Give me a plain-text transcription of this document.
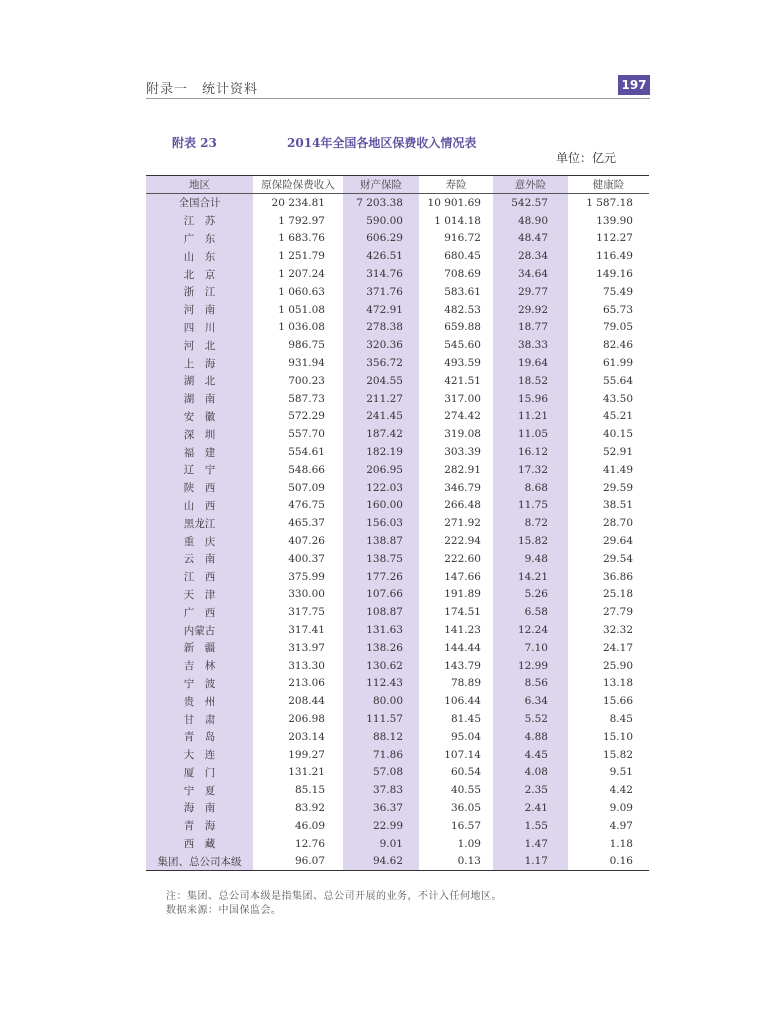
附录一　统计资料	197
附表 23	2014年全国各地区保费收入情况表
单位：亿元
地区	原保险保费收入	财产保险	寿险	意外险	健康险
全国合计	20 234.81	7 203.38	10 901.69	542.57	1 587.18
江　苏	1 792.97	590.00	1 014.18	48.90	139.90
广　东	1 683.76	606.29	916.72	48.47	112.27
山　东	1 251.79	426.51	680.45	28.34	116.49
北　京	1 207.24	314.76	708.69	34.64	149.16
浙　江	1 060.63	371.76	583.61	29.77	75.49
河　南	1 051.08	472.91	482.53	29.92	65.73
四　川	1 036.08	278.38	659.88	18.77	79.05
河　北	986.75	320.36	545.60	38.33	82.46
上　海	931.94	356.72	493.59	19.64	61.99
湖　北	700.23	204.55	421.51	18.52	55.64
湖　南	587.73	211.27	317.00	15.96	43.50
安　徽	572.29	241.45	274.42	11.21	45.21
深　圳	557.70	187.42	319.08	11.05	40.15
福　建	554.61	182.19	303.39	16.12	52.91
辽　宁	548.66	206.95	282.91	17.32	41.49
陕　西	507.09	122.03	346.79	8.68	29.59
山　西	476.75	160.00	266.48	11.75	38.51
黑龙江	465.37	156.03	271.92	8.72	28.70
重　庆	407.26	138.87	222.94	15.82	29.64
云　南	400.37	138.75	222.60	9.48	29.54
江　西	375.99	177.26	147.66	14.21	36.86
天　津	330.00	107.66	191.89	5.26	25.18
广　西	317.75	108.87	174.51	6.58	27.79
内蒙古	317.41	131.63	141.23	12.24	32.32
新　疆	313.97	138.26	144.44	7.10	24.17
吉　林	313.30	130.62	143.79	12.99	25.90
宁　波	213.06	112.43	78.89	8.56	13.18
贵　州	208.44	80.00	106.44	6.34	15.66
甘　肃	206.98	111.57	81.45	5.52	8.45
青　岛	203.14	88.12	95.04	4.88	15.10
大　连	199.27	71.86	107.14	4.45	15.82
厦　门	131.21	57.08	60.54	4.08	9.51
宁　夏	85.15	37.83	40.55	2.35	4.42
海　南	83.92	36.37	36.05	2.41	9.09
青　海	46.09	22.99	16.57	1.55	4.97
西　藏	12.76	9.01	1.09	1.47	1.18
集团、总公司本级	96.07	94.62	0.13	1.17	0.16
注：集团、总公司本级是指集团、总公司开展的业务，不计入任何地区。
数据来源：中国保监会。
